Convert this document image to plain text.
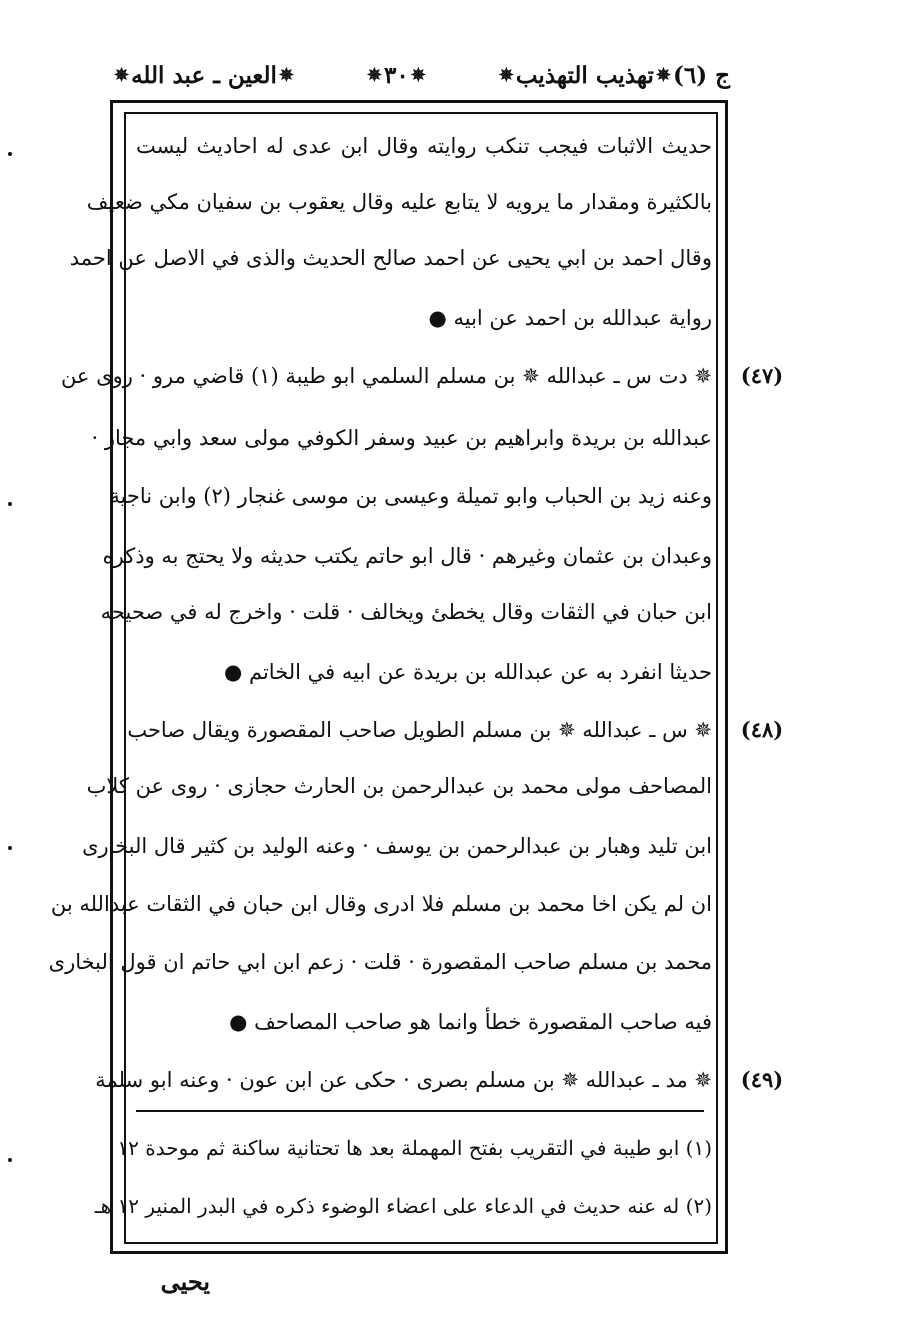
ج (٦)
✵
تهذيب التهذيب
✵
✵
٣٠
✵
✵
العين ـ عبد الله
✵
حديث الاثبات فيجب تنكب روايته وقال ابن عدى له احاديث ليست
بالكثيرة ومقدار ما يرويه لا يتابع عليه وقال يعقوب بن سفيان مكي ضعيف
وقال احمد بن ابي يحيى عن احمد صالح الحديث والذى في الاصل عن احمد
رواية عبدالله بن احمد عن ابيه ●
(٤٧)
✵ دت س ـ عبدالله ✵ بن مسلم السلمي ابو طيبة (١) قاضي مرو · روى عن
عبدالله بن بريدة وابراهيم بن عبيد وسفر الكوفي مولى سعد وابي مجاز ·
وعنه زيد بن الحباب وابو تميلة وعيسى بن موسى غنجار (٢) وابن ناجية
وعبدان بن عثمان وغيرهم · قال ابو حاتم يكتب حديثه ولا يحتج به وذكره
ابن حبان في الثقات وقال يخطئ ويخالف · قلت · واخرج له في صحيحه
حديثا انفرد به عن عبدالله بن بريدة عن ابيه في الخاتم ●
(٤٨)
✵ س ـ عبدالله ✵ بن مسلم الطويل صاحب المقصورة ويقال صاحب
المصاحف مولى محمد بن عبدالرحمن بن الحارث حجازى · روى عن كلاب
ابن تليد وهبار بن عبدالرحمن بن يوسف · وعنه الوليد بن كثير قال البخارى
ان لم يكن اخا محمد بن مسلم فلا ادرى وقال ابن حبان في الثقات عبدالله بن
محمد بن مسلم صاحب المقصورة · قلت · زعم ابن ابي حاتم ان قول البخارى
فيه صاحب المقصورة خطأ وانما هو صاحب المصاحف ●
(٤٩)
✵ مد ـ عبدالله ✵ بن مسلم بصرى · حكى عن ابن عون · وعنه ابو سلمة
(١) ابو طيبة في التقريب بفتح المهملة بعد ها تحتانية ساكنة ثم موحدة ١٢
(٢) له عنه حديث في الدعاء على اعضاء الوضوء ذكره في البدر المنير ١٢ هـ
يحيى
